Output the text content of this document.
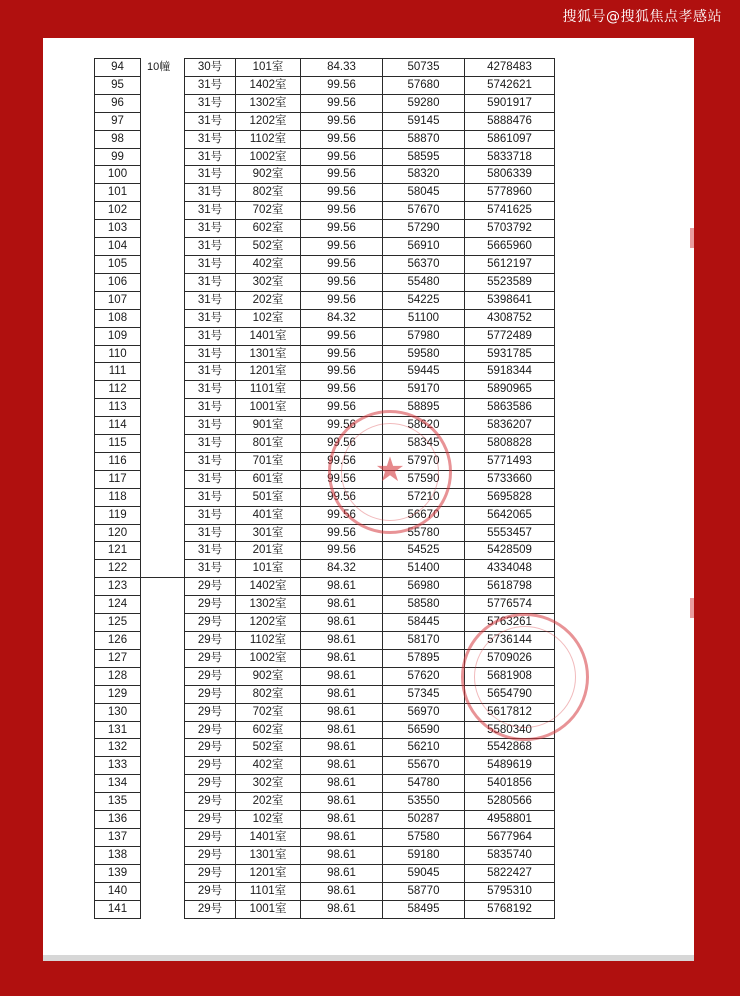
搜狐号@搜狐焦点孝感站
94	10幢	30号	101室	84.33	50735	4278483
95		31号	1402室	99.56	57680	5742621
96		31号	1302室	99.56	59280	5901917
97		31号	1202室	99.56	59145	5888476
98		31号	1102室	99.56	58870	5861097
99		31号	1002室	99.56	58595	5833718
100		31号	902室	99.56	58320	5806339
101		31号	802室	99.56	58045	5778960
102		31号	702室	99.56	57670	5741625
103		31号	602室	99.56	57290	5703792
104		31号	502室	99.56	56910	5665960
105		31号	402室	99.56	56370	5612197
106		31号	302室	99.56	55480	5523589
107		31号	202室	99.56	54225	5398641
108		31号	102室	84.32	51100	4308752
109		31号	1401室	99.56	57980	5772489
110		31号	1301室	99.56	59580	5931785
111		31号	1201室	99.56	59445	5918344
112		31号	1101室	99.56	59170	5890965
113		31号	1001室	99.56	58895	5863586
114		31号	901室	99.56	58620	5836207
115		31号	801室	99.56	58345	5808828
116		31号	701室	99.56	57970	5771493
117		31号	601室	99.56	57590	5733660
118		31号	501室	99.56	57210	5695828
119		31号	401室	99.56	56670	5642065
120		31号	301室	99.56	55780	5553457
121		31号	201室	99.56	54525	5428509
122		31号	101室	84.32	51400	4334048
123		29号	1402室	98.61	56980	5618798
124		29号	1302室	98.61	58580	5776574
125		29号	1202室	98.61	58445	5763261
126		29号	1102室	98.61	58170	5736144
127		29号	1002室	98.61	57895	5709026
128		29号	902室	98.61	57620	5681908
129		29号	802室	98.61	57345	5654790
130		29号	702室	98.61	56970	5617812
131		29号	602室	98.61	56590	5580340
132		29号	502室	98.61	56210	5542868
133		29号	402室	98.61	55670	5489619
134		29号	302室	98.61	54780	5401856
135		29号	202室	98.61	53550	5280566
136		29号	102室	98.61	50287	4958801
137		29号	1401室	98.61	57580	5677964
138		29号	1301室	98.61	59180	5835740
139		29号	1201室	98.61	59045	5822427
140		29号	1101室	98.61	58770	5795310
141		29号	1001室	98.61	58495	5768192
★
